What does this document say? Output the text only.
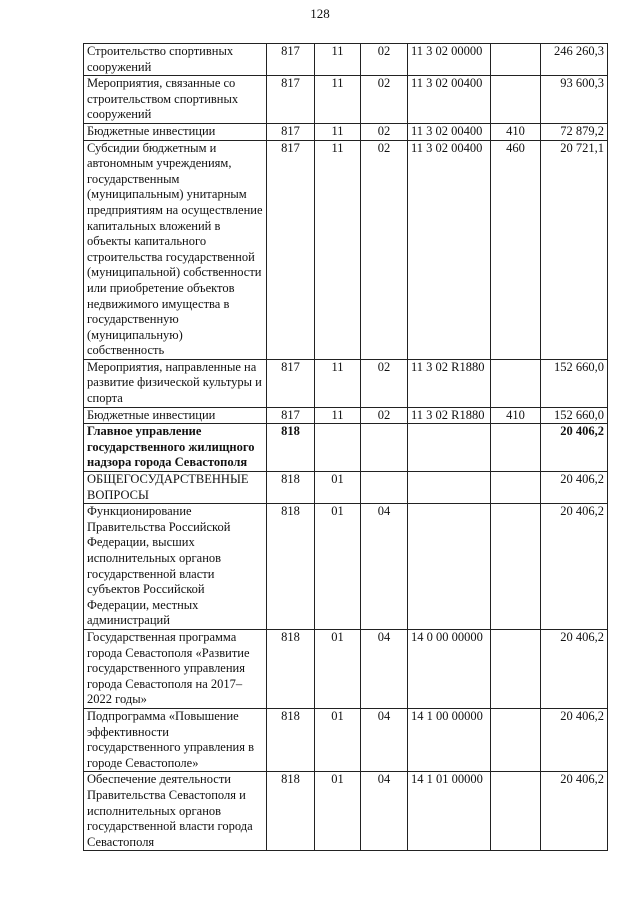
128
Строительство спортивных сооружений	817	11	02	11 3 02 00000		246 260,3
Мероприятия, связанные со строительством спортивных сооружений	817	11	02	11 3 02 00400		93 600,3
Бюджетные инвестиции	817	11	02	11 3 02 00400	410	72 879,2
Субсидии бюджетным и автономным учреждениям, государственным (муниципальным) унитарным предприятиям на осуществление капитальных вложений в объекты капитального строительства государственной (муниципальной) собственности или приобретение объектов недвижимого имущества в государственную (муниципальную) собственность	817	11	02	11 3 02 00400	460	20 721,1
Мероприятия, направленные на развитие физической культуры и спорта	817	11	02	11 3 02 R1880		152 660,0
Бюджетные инвестиции	817	11	02	11 3 02 R1880	410	152 660,0
Главное управление государственного жилищного надзора города Севастополя	818					20 406,2
ОБЩЕГОСУДАРСТВЕННЫЕ ВОПРОСЫ	818	01				20 406,2
Функционирование Правительства Российской Федерации, высших исполнительных органов государственной власти субъектов Российской Федерации, местных администраций	818	01	04			20 406,2
Государственная программа города Севастополя «Развитие государственного управления города Севастополя на 2017–2022 годы»	818	01	04	14 0 00 00000		20 406,2
Подпрограмма «Повышение эффективности государственного управления в городе Севастополе»	818	01	04	14 1 00 00000		20 406,2
Обеспечение деятельности Правительства Севастополя и исполнительных органов государственной власти города Севастополя	818	01	04	14 1 01 00000		20 406,2
